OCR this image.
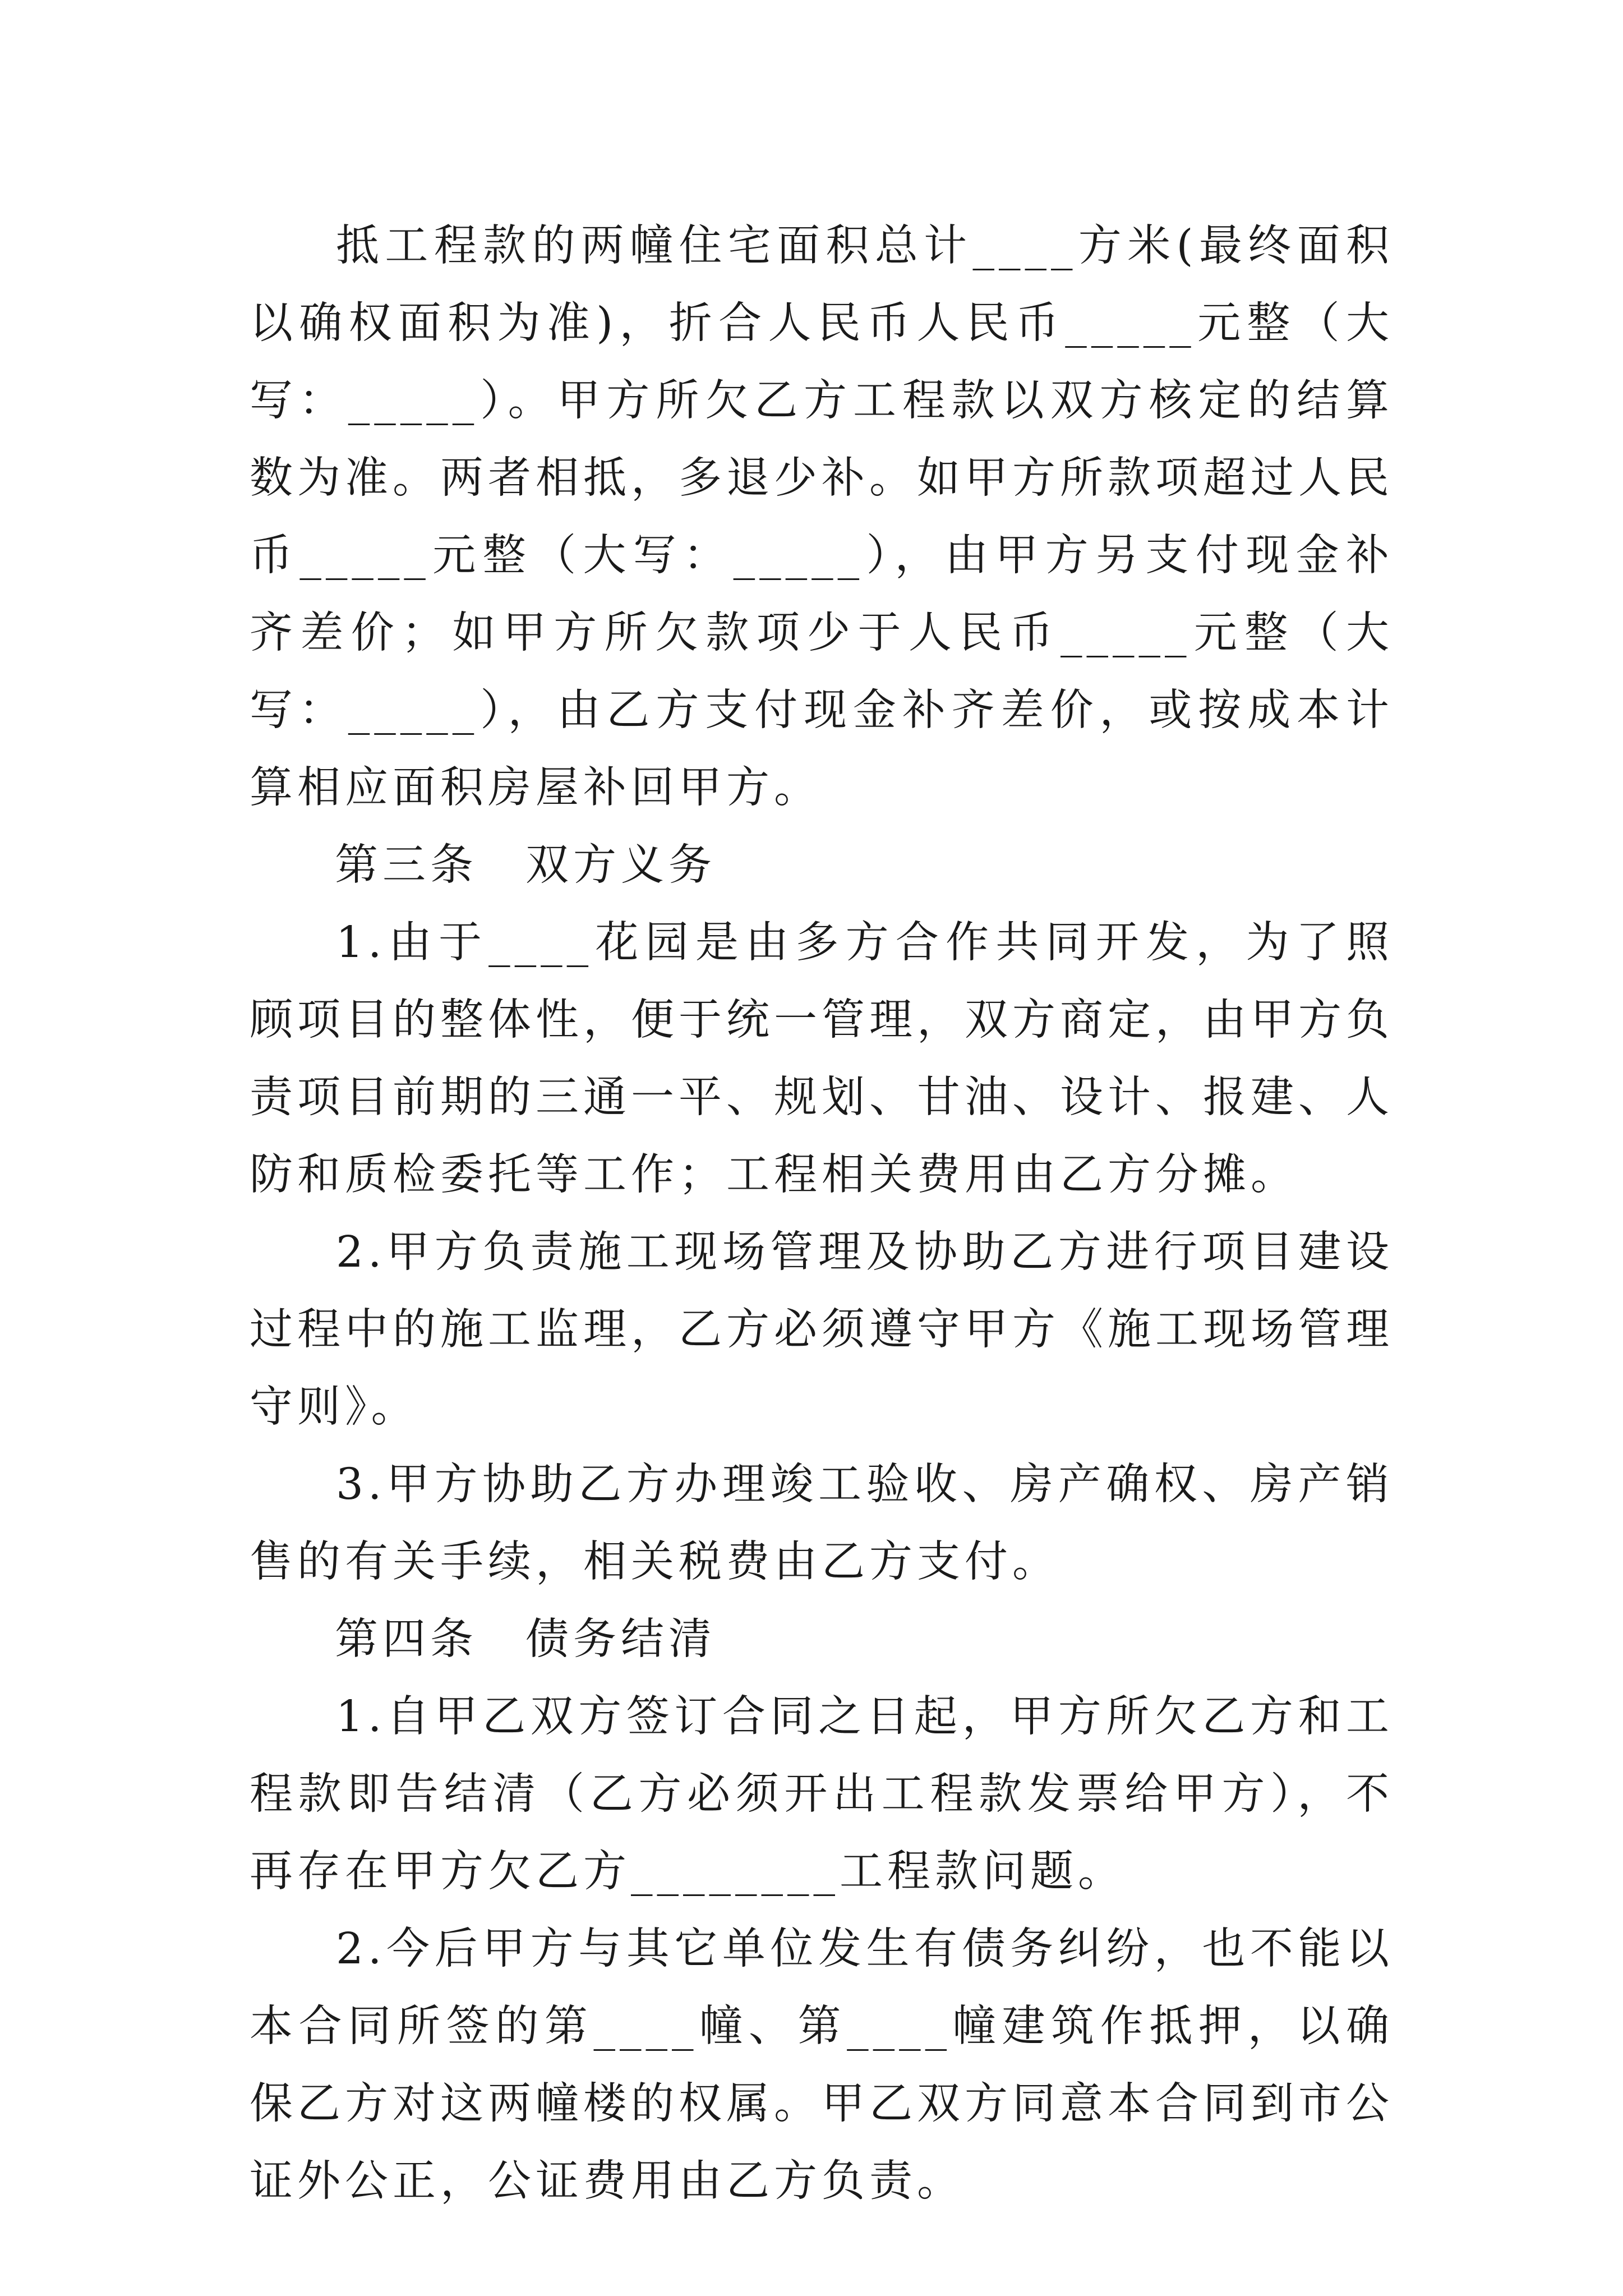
抵工程款的两幢住宅面积总计____方米(最终面积以确权面积为准)，折合人民币人民币_____元整（大写：_____）。甲方所欠乙方工程款以双方核定的结算数为准。两者相抵，多退少补。如甲方所款项超过人民币_____元整（大写：_____），由甲方另支付现金补齐差价；如甲方所欠款项少于人民币_____元整（大写：_____），由乙方支付现金补齐差价，或按成本计算相应面积房屋补回甲方。

第三条　双方义务

1.由于____花园是由多方合作共同开发，为了照顾项目的整体性，便于统一管理，双方商定，由甲方负责项目前期的三通一平、规划、甘油、设计、报建、人防和质检委托等工作；工程相关费用由乙方分摊。

2.甲方负责施工现场管理及协助乙方进行项目建设过程中的施工监理，乙方必须遵守甲方《施工现场管理守则》。

3.甲方协助乙方办理竣工验收、房产确权、房产销售的有关手续，相关税费由乙方支付。

第四条　债务结清

1.自甲乙双方签订合同之日起，甲方所欠乙方和工程款即告结清（乙方必须开出工程款发票给甲方），不再存在甲方欠乙方________工程款问题。

2.今后甲方与其它单位发生有债务纠纷，也不能以本合同所签的第____幢、第____幢建筑作抵押，以确保乙方对这两幢楼的权属。甲乙双方同意本合同到市公证外公正，公证费用由乙方负责。
